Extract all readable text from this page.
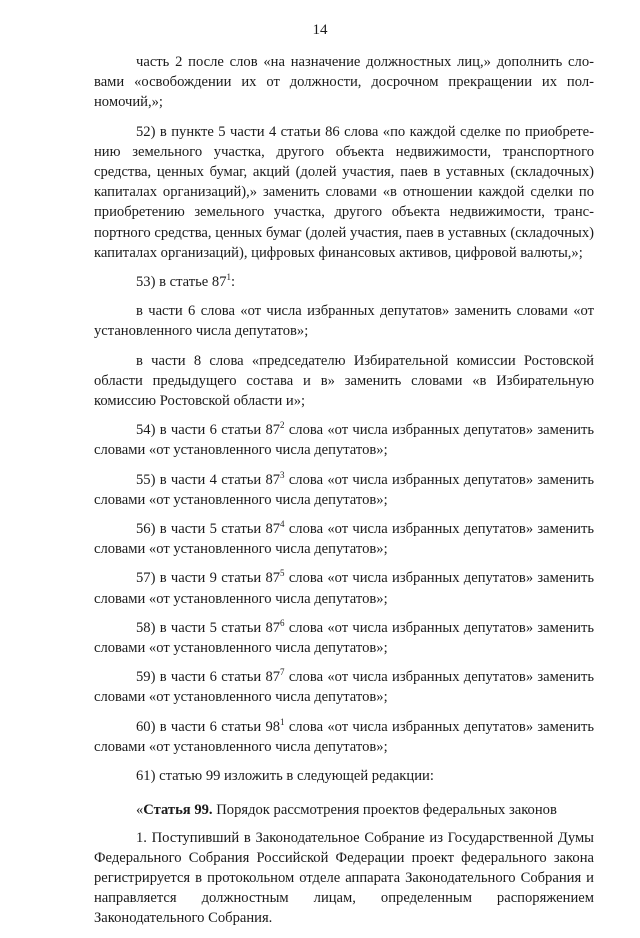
14

часть 2 после слов «на назначение должностных лиц,» дополнить словами «освобождении их от должности, досрочном прекращении их полномочий,»;

52) в пункте 5 части 4 статьи 86 слова «по каждой сделке по приобретению земельного участка, другого объекта недвижимости, транспортного средства, ценных бумаг, акций (долей участия, паев в уставных (складочных) капиталах организаций),» заменить словами «в отношении каждой сделки по приобретению земельного участка, другого объекта недвижимости, транспортного средства, ценных бумаг (долей участия, паев в уставных (складочных) капиталах организаций), цифровых финансовых активов, цифровой валюты,»;

53) в статье $87^1$:

в части 6 слова «от числа избранных депутатов» заменить словами «от установленного числа депутатов»;

в части 8 слова «председателю Избирательной комиссии Ростовской области предыдущего состава и в» заменить словами «в Избирательную комиссию Ростовской области и»;

54) в части 6 статьи $87^2$ слова «от числа избранных депутатов» заменить словами «от установленного числа депутатов»;

55) в части 4 статьи $87^3$ слова «от числа избранных депутатов» заменить словами «от установленного числа депутатов»;

56) в части 5 статьи $87^4$ слова «от числа избранных депутатов» заменить словами «от установленного числа депутатов»;

57) в части 9 статьи $87^5$ слова «от числа избранных депутатов» заменить словами «от установленного числа депутатов»;

58) в части 5 статьи $87^6$ слова «от числа избранных депутатов» заменить словами «от установленного числа депутатов»;

59) в части 6 статьи $87^7$ слова «от числа избранных депутатов» заменить словами «от установленного числа депутатов»;

60) в части 6 статьи $98^1$ слова «от числа избранных депутатов» заменить словами «от установленного числа депутатов»;

61) статью 99 изложить в следующей редакции:

«Статья 99. Порядок рассмотрения проектов федеральных законов

1. Поступивший в Законодательное Собрание из Государственной Думы Федерального Собрания Российской Федерации проект федерального закона регистрируется в протокольном отделе аппарата Законодательного Собрания и направляется должностным лицам, определенным распоряжением Законодательного Собрания.
